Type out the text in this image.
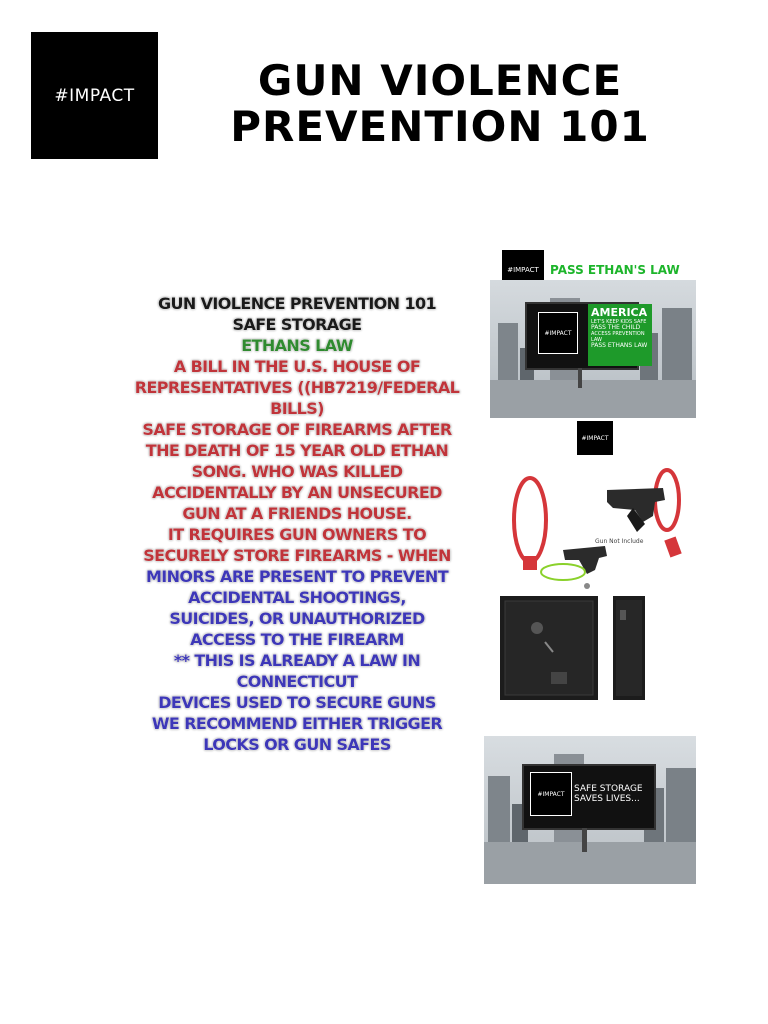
#IMPACT	GUN VIOLENCE
PREVENTION 101
GUN VIOLENCE PREVENTION 101
SAFE STORAGE
ETHANS LAW
A BILL IN THE U.S. HOUSE OF
REPRESENTATIVES ((HB7219/FEDERAL
BILLS)
SAFE STORAGE OF FIREARMS AFTER
THE DEATH OF 15 YEAR OLD ETHAN
SONG. WHO WAS KILLED
ACCIDENTALLY BY AN UNSECURED
GUN AT A FRIENDS HOUSE.
IT REQUIRES GUN OWNERS TO
SECURELY STORE FIREARMS - WHEN
MINORS ARE PRESENT TO PREVENT
ACCIDENTAL SHOOTINGS,
SUICIDES, OR UNAUTHORIZED
ACCESS TO THE FIREARM
** THIS IS ALREADY A LAW IN
CONNECTICUT
DEVICES USED TO SECURE GUNS
WE RECOMMEND EITHER TRIGGER
LOCKS OR GUN SAFES
#IMPACT PASS ETHAN'S LAW
#IMPACT
AMERICA
LET'S KEEP KIDS SAFE
PASS THE CHILD
ACCESS PREVENTION LAW
PASS ETHANS LAW
#IMPACT
Gun Not Include
#IMPACT	SAFE STORAGE
SAVES LIVES...
